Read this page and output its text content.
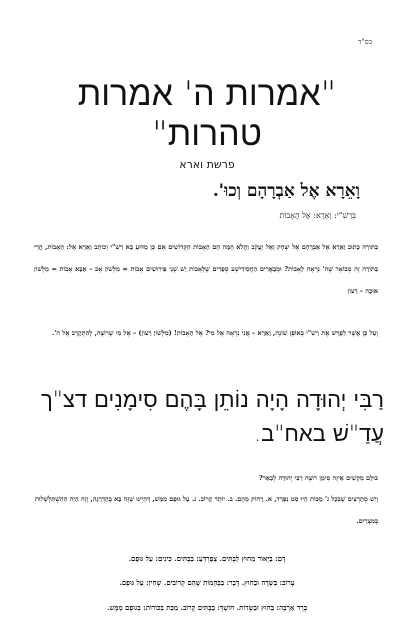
בס"ד
"אמרות ה' אמרות
טהרות"
פרשת וארא
וָאֵרָא אֶל אַבְרָהָם וְכוּ'.
בְּרַשִׁ"י: וָאֵרָא: אֶל הָאָבוֹת
בַּתּוֹרָה כָּתוּב וָאֵרָא אֶל אַבְרָהָם אֶל יִצְחָק וְאֶל יַעֲקֹב וַהֲלֹא הֵמָּה הֵם הָאָבוֹת הַקְּדוֹשִׁים אִם כֵּן מַדּוּעַ בָּא רַשִׁ"י וְכוֹתֵב וָאֵרָא אֶל: הָאָבוֹת, הֲרֵי בַּתּוֹרָה זֶה מְבוֹאָר שֶׁה' נִרְאָה לָאָבוֹת? וּמְבָאֲרִים הַחֲסִידִישְׁע סְפָרִים שֶׁלְּאָבוֹת יֵשׁ שְׁנֵי פֵּירוּשִׁים אָבוֹת = מִלְּשׁוֹן אָב – אַבָּא אָבוֹת = מִלְּשׁוֹן אוּבָה – רָצוֹן
וְעַל כֵּן אֲשֶׁר לְפָרֵשׁ אֶת רַשִׁ"י בְּאוֹפֶן שׁוֹנֶה, וָאֵרָא – אֲנִי נִרְאָה אֶל מִי? אֶל הָאָבוֹת! (מִלְּשׁוֹן רָצוֹן) – אֶל מִי שֶׁרוֹצֶה, לְהִתְקָרֵב אֶל ה'.
רַבִּי יְהוּדָה הָיָה נוֹתֵן בָּהֶם סִימָנִים דצ"ך עֲדַ"שׁ באח"ב.
כּוּלָם מַקְשִׁים אֵיזֶה סִימָן רוֹצֶה רַבִּי יְהוּדָה לְבָאֵר?
וְיֵשׁ מְתָרְצִים שֶׁבְּכָל ג' מַכּוֹת הָיוּ סֵט נִפְרָד, א. רָחוֹק מֵהֶם. ב. יוֹתֵר קָרוֹב. ג. עַל גּוּפָם מַמָּשׁ, דְּהַיְינוּ שֶׁזֶּה בָּא בְּהַדְרָגָה, וְזֶה הָיָה הַהִשְׁתַּלְשְׁלוּת בְּמִצְרַיִם.
דָּם: בַּיְּאוֹר מֵחוּץ לַבָּתִּים. צְפַרְדֵּעַ: בַּבָּתִּים. כִּינִים: עַל גּוּפָם.
עָרוֹב: בַּשָּׂדֶה וּבַחוּץ. דֶּבֶר: בַּבְּהֵמוֹת שֶׁהֵם קְרוֹבִים. שְׁחִין: עַל גּוּפָם.
בָּרָד אַרְבֶּה: בַּחוּץ וּבַשָּׂדוֹת. חוֹשֶׁךְ: בַּבָּתִּים קָרוֹב. מַכַּת בְּכוֹרוֹת: בְּגוּפָם מַמָּשׁ.
